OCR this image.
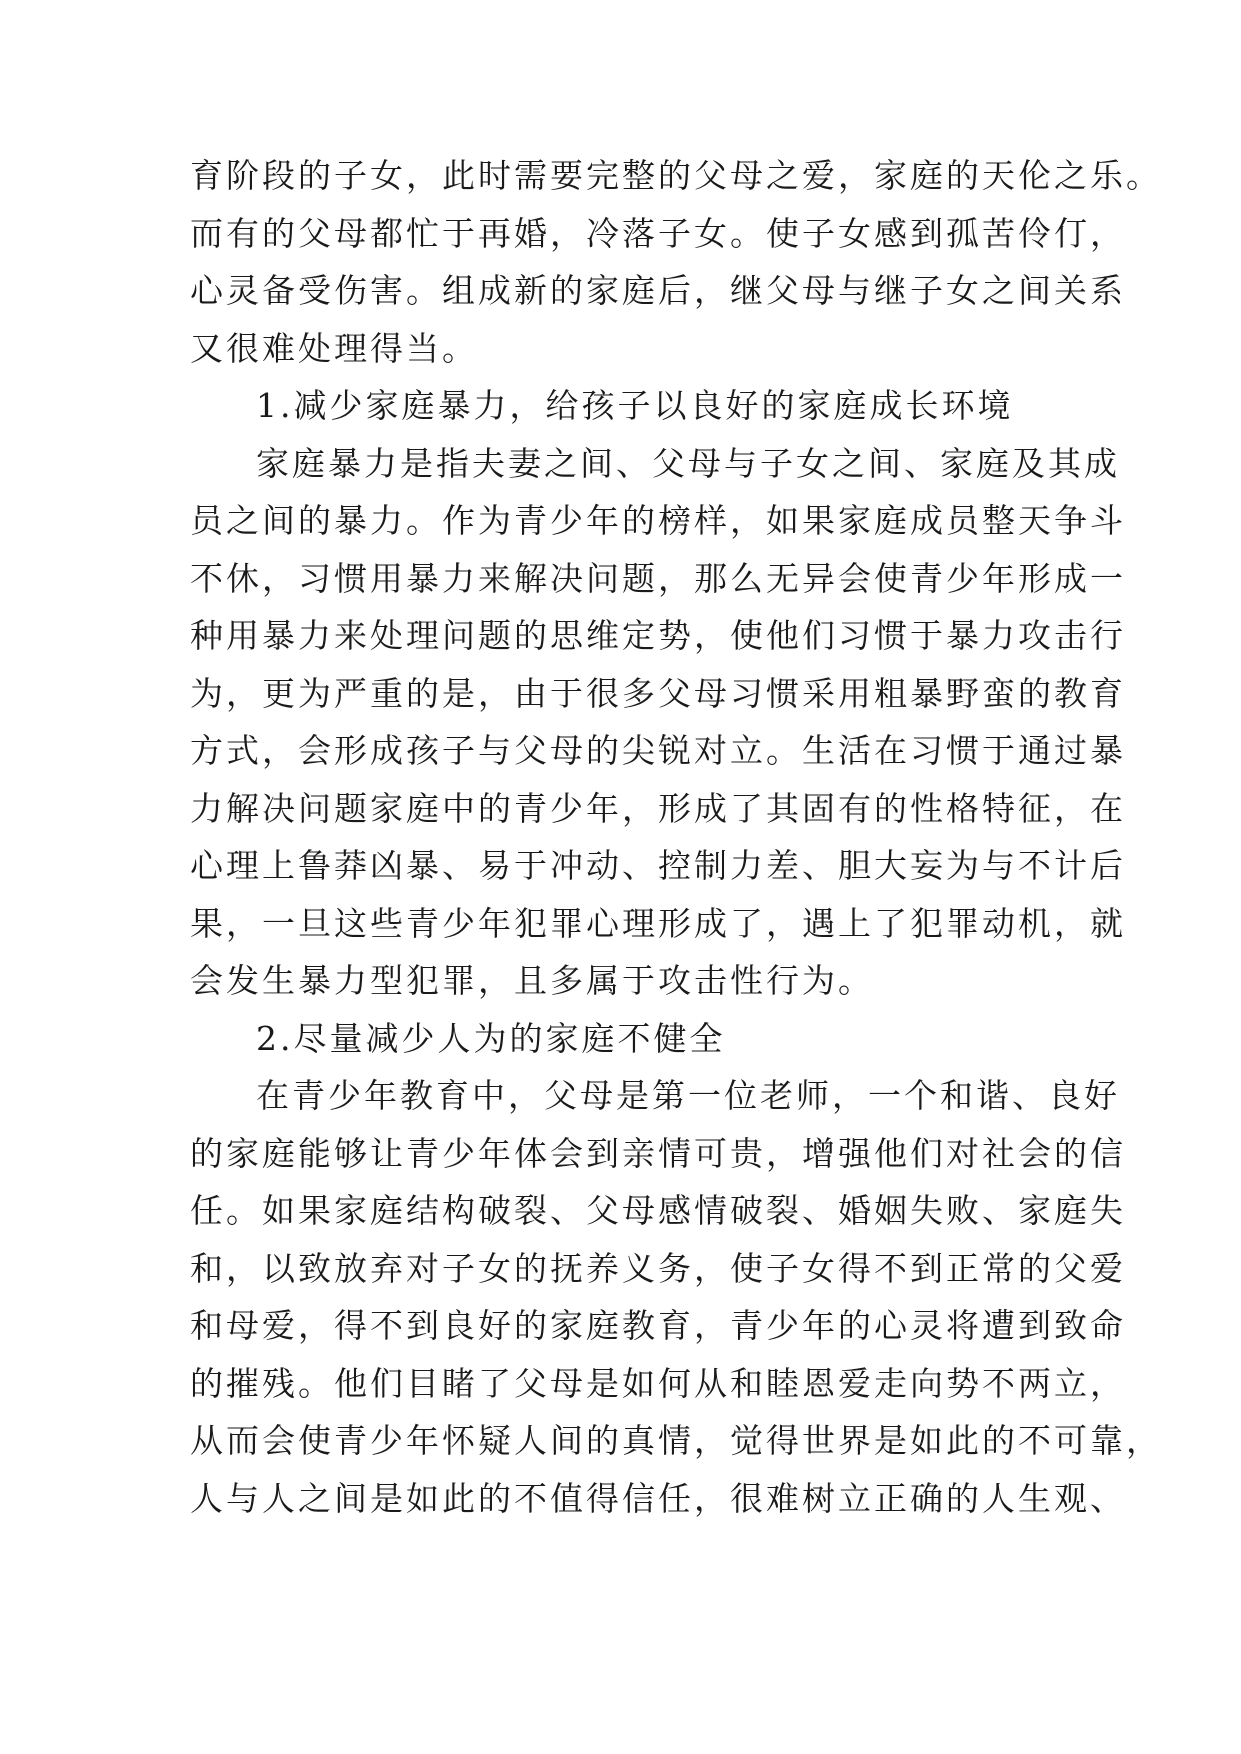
育阶段的子女，此时需要完整的父母之爱，家庭的天伦之乐。
而有的父母都忙于再婚，冷落子女。使子女感到孤苦伶仃，
心灵备受伤害。组成新的家庭后，继父母与继子女之间关系
又很难处理得当。
1.减少家庭暴力，给孩子以良好的家庭成长环境
家庭暴力是指夫妻之间、父母与子女之间、家庭及其成
员之间的暴力。作为青少年的榜样，如果家庭成员整天争斗
不休，习惯用暴力来解决问题，那么无异会使青少年形成一
种用暴力来处理问题的思维定势，使他们习惯于暴力攻击行
为，更为严重的是，由于很多父母习惯采用粗暴野蛮的教育
方式，会形成孩子与父母的尖锐对立。生活在习惯于通过暴
力解决问题家庭中的青少年，形成了其固有的性格特征，在
心理上鲁莽凶暴、易于冲动、控制力差、胆大妄为与不计后
果，一旦这些青少年犯罪心理形成了，遇上了犯罪动机，就
会发生暴力型犯罪，且多属于攻击性行为。
2.尽量减少人为的家庭不健全
在青少年教育中，父母是第一位老师，一个和谐、良好
的家庭能够让青少年体会到亲情可贵，增强他们对社会的信
任。如果家庭结构破裂、父母感情破裂、婚姻失败、家庭失
和，以致放弃对子女的抚养义务，使子女得不到正常的父爱
和母爱，得不到良好的家庭教育，青少年的心灵将遭到致命
的摧残。他们目睹了父母是如何从和睦恩爱走向势不两立，
从而会使青少年怀疑人间的真情，觉得世界是如此的不可靠，
人与人之间是如此的不值得信任，很难树立正确的人生观、
